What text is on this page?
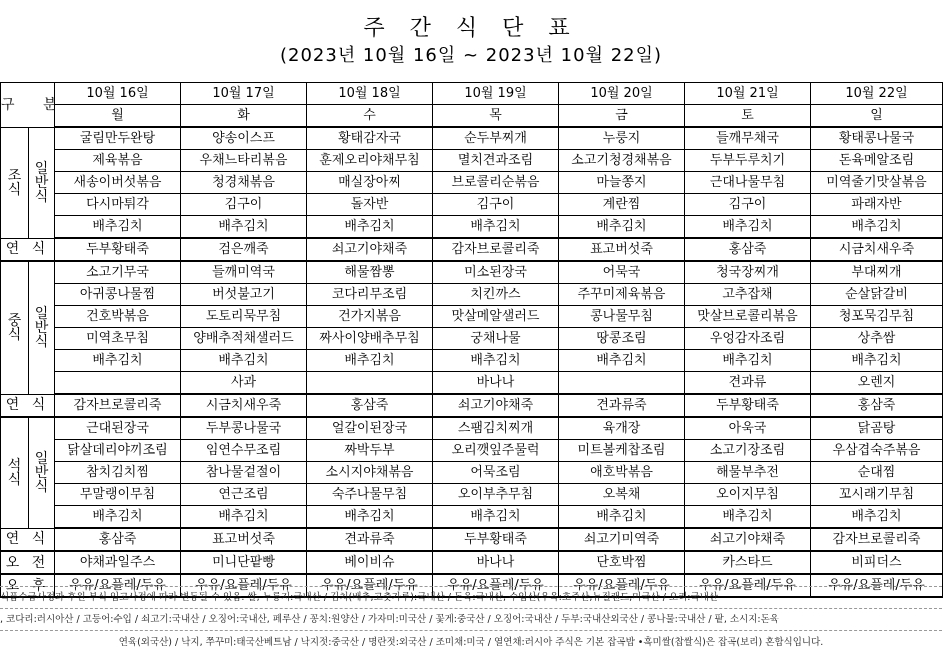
주 간 식 단 표
(2023년 10월 16일 ~ 2023년 10월 22일)
구 분		10월 16일	10월 17일	10월 18일	10월 19일	10월 20일	10월 21일	10월 22일
		월	화	수	목	금	토	일
조
식	일
반
식	굴림만두완탕	양송이스프	황태감자국	순두부찌개	누룽지	들깨무채국	황태콩나물국
		제육볶음	우채느타리볶음	훈제오리야채무침	멸치견과조림	소고기청경채볶음	두부두루치기	돈육메알조림
		새송이버섯볶음	청경채볶음	매실장아찌	브로콜리순볶음	마늘쫑지	근대나물무침	미역줄기맛살볶음
		다시마튀각	김구이	돌자반	김구이	계란찜	김구이	파래자반
		배추김치	배추김치	배추김치	배추김치	배추김치	배추김치	배추김치
연 식		두부황태죽	검은깨죽	쇠고기야채죽	감자브로콜리죽	표고버섯죽	홍삼죽	시금치새우죽
중
식	일
반
식	소고기무국	들깨미역국	해물짬뽕	미소된장국	어묵국	청국장찌개	부대찌개
		아귀콩나물찜	버섯불고기	코다리무조림	치킨까스	주꾸미제육볶음	고추잡채	순살닭갈비
		건호박볶음	도토리묵무침	건가지볶음	맛살메알샐러드	콩나물무침	맛살브로콜리볶음	청포묵김무침
		미역초무침	양배추적채샐러드	짜사이양배추무침	궁채나물	땅콩조림	우엉감자조림	상추쌈
		배추김치	배추김치	배추김치	배추김치	배추김치	배추김치	배추김치
			사과		바나나		견과류	오렌지
연 식		감자브로콜리죽	시금치새우죽	홍삼죽	쇠고기야채죽	견과류죽	두부황태죽	홍삼죽
석
식	일
반
식	근대된장국	두부콩나물국	얼갈이된장국	스팸김치찌개	육개장	아욱국	닭곰탕
		닭살데리야끼조림	임연수무조림	짜박두부	오리깻잎주물럭	미트볼케찹조림	소고기장조림	우삼겹숙주볶음
		참치김치찜	참나물겉절이	소시지야채볶음	어묵조림	애호박볶음	해물부추전	순대찜
		무말랭이무침	연근조림	숙주나물무침	오이부추무침	오복채	오이지무침	꼬시래기무침
		배추김치	배추김치	배추김치	배추김치	배추김치	배추김치	배추김치
연 식		홍삼죽	표고버섯죽	견과류죽	두부황태죽	쇠고기미역죽	쇠고기야채죽	감자브로콜리죽
오 전		야채과일주스	미니단팥빵	베이비슈	바나나	단호박찜	카스타드	비피더스
오 후		우유/요플레/두유	우유/요플레/두유	우유/요플레/두유	우유/요플레/두유	우유/요플레/두유	우유/요플레/두유	우유/요플레/두유
식품수급사정과 후원 부식 입고사정에 따라 변동될 수 있음. 쌀, 누룽지:국내산 / 김치(배추,고춧가루):국내산 / 돈육:국내산, 수입산(우육:호주산,뉴질랜드,미국산 / 오리:국내산
, 코다리:러시아산 / 고등어:수입 / 쇠고기:국내산 / 오징어:국내산, 페루산 / 꽁치:원양산 / 가자미:미국산 / 꽃게:중국산 / 오징어:국내산 / 두부:국내산외국산 / 콩나물:국내산 / 팥, 소시지:돈육
연육(외국산) / 낙지, 쭈꾸미:태국산베트남 / 낙지젓:중국산 / 명란젓:외국산 / 조미채:미국 / 열연채:러시아 주식은 기본 잡곡밥 •흑미쌀(찹쌀식)은 잡곡(보리) 혼합식입니다.
